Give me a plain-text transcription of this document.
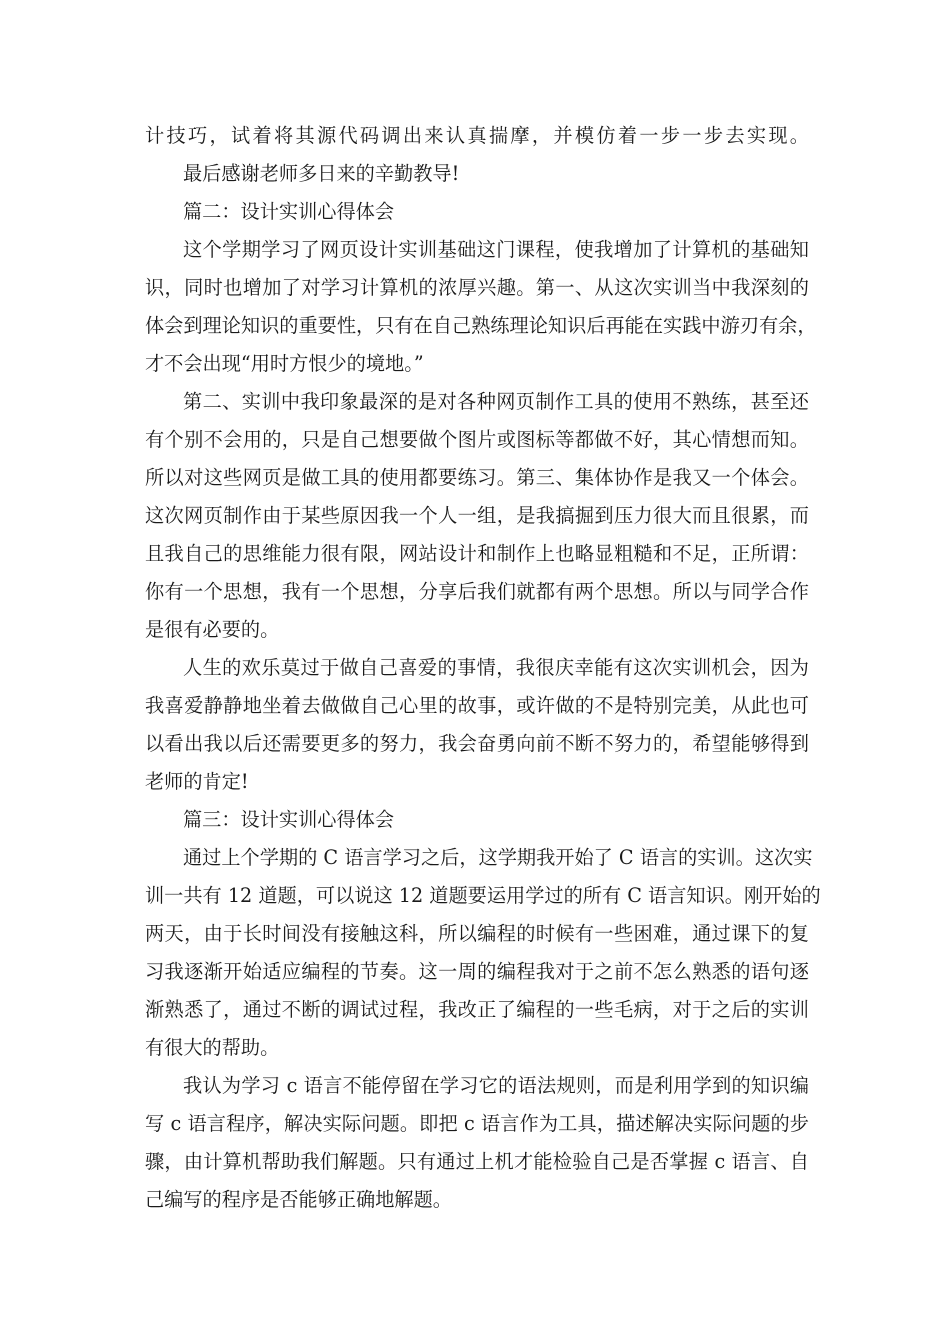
计技巧，试着将其源代码调出来认真揣摩，并模仿着一步一步去实现。
最后感谢老师多日来的辛勤教导!
篇二：设计实训心得体会
这个学期学习了网页设计实训基础这门课程，使我增加了计算机的基础知
识，同时也增加了对学习计算机的浓厚兴趣。第一、从这次实训当中我深刻的
体会到理论知识的重要性，只有在自己熟练理论知识后再能在实践中游刃有余，
才不会出现“用时方恨少的境地。”
第二、实训中我印象最深的是对各种网页制作工具的使用不熟练，甚至还
有个别不会用的，只是自己想要做个图片或图标等都做不好，其心情想而知。
所以对这些网页是做工具的使用都要练习。第三、集体协作是我又一个体会。
这次网页制作由于某些原因我一个人一组，是我搞掘到压力很大而且很累，而
且我自己的思维能力很有限，网站设计和制作上也略显粗糙和不足，正所谓：
你有一个思想，我有一个思想，分享后我们就都有两个思想。所以与同学合作
是很有必要的。
人生的欢乐莫过于做自己喜爱的事情，我很庆幸能有这次实训机会，因为
我喜爱静静地坐着去做做自己心里的故事，或许做的不是特别完美，从此也可
以看出我以后还需要更多的努力，我会奋勇向前不断不努力的，希望能够得到
老师的肯定!
篇三：设计实训心得体会
通过上个学期的 C 语言学习之后，这学期我开始了 C 语言的实训。这次实
训一共有 12 道题，可以说这 12 道题要运用学过的所有 C 语言知识。刚开始的
两天，由于长时间没有接触这科，所以编程的时候有一些困难，通过课下的复
习我逐渐开始适应编程的节奏。这一周的编程我对于之前不怎么熟悉的语句逐
渐熟悉了，通过不断的调试过程，我改正了编程的一些毛病，对于之后的实训
有很大的帮助。
我认为学习 c 语言不能停留在学习它的语法规则，而是利用学到的知识编
写 c 语言程序，解决实际问题。即把 c 语言作为工具，描述解决实际问题的步
骤，由计算机帮助我们解题。只有通过上机才能检验自己是否掌握 c 语言、自
己编写的程序是否能够正确地解题。
